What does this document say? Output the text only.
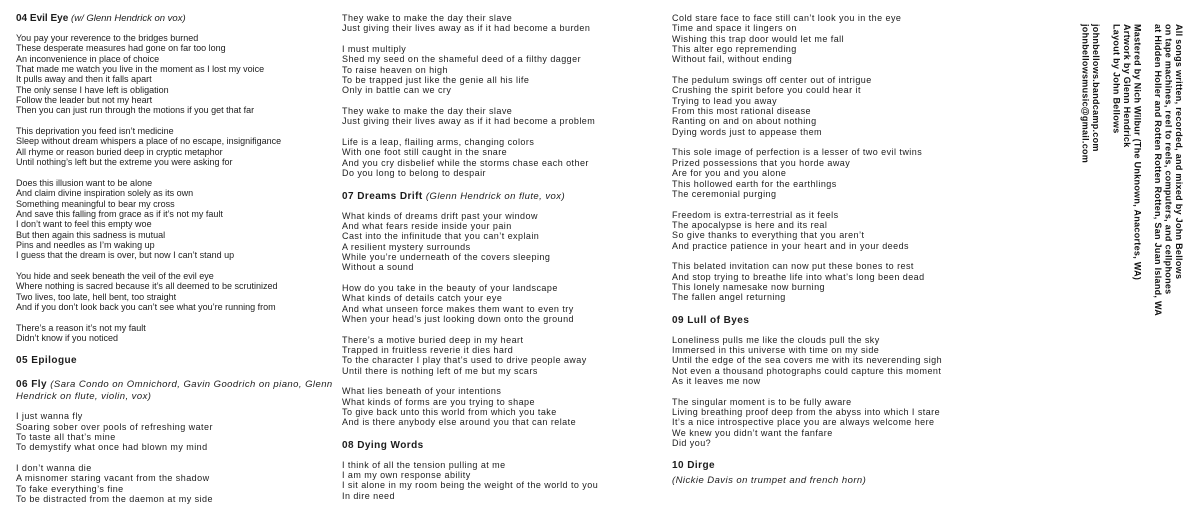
04 Evil Eye (w/ Glenn Hendrick on vox)
You pay your reverence to the bridges burned
These desperate measures had gone on far too long
An inconvenience in place of choice
That made me watch you live in the moment as I lost my voice
It pulls away and then it falls apart
The only sense I have left is obligation
Follow the leader but not my heart
Then you can just run through the motions if you get that far
This deprivation you feed isn’t medicine
Sleep without dream whispers a place of no escape, insignifigance
All rhyme or reason buried deep in cryptic metaphor
Until nothing’s left but the extreme you were asking for
Does this illusion want to be alone
And claim divine inspiration solely as its own
Something meaningful to bear my cross
And save this falling from grace as if it’s not my fault
I don’t want to feel this empty woe
But then again this sadness is mutual
Pins and needles as I’m waking up
I guess that the dream is over, but now I can’t stand up
You hide and seek beneath the veil of the evil eye
Where nothing is sacred because it’s all deemed to be scrutinized
Two lives, too late, hell bent, too straight
And if you don’t look back you can’t see what you’re running from
There’s a reason it’s not my fault
Didn’t know if you noticed
05 Epilogue
06 Fly (Sara Condo on Omnichord, Gavin Goodrich on piano, Glenn Hendrick on flute, violin, vox)
I just wanna fly
Soaring sober over pools of refreshing water
To taste all that’s mine
To demystify what once had blown my mind
I don’t wanna die
A misnomer staring vacant from the shadow
To fake everything’s fine
To be distracted from the daemon at my side
They wake to make the day their slave
Just giving their lives away as if it had become a burden
I must multiply
Shed my seed on the shameful deed of a filthy dagger
To raise heaven on high
To be trapped just like the genie all his life
Only in battle can we cry
They wake to make the day their slave
Just giving their lives away as if it had become a problem
Life is a leap, flailing arms, changing colors
With one foot still caught in the snare
And you cry disbelief while the storms chase each other
Do you long to belong to despair
07 Dreams Drift (Glenn Hendrick on flute, vox)
What kinds of dreams drift past your window
And what fears reside inside your pain
Cast into the infinitude that you can’t explain
A resilient mystery surrounds
While you’re underneath of the covers sleeping
Without a sound
How do you take in the beauty of your landscape
What kinds of details catch your eye
And what unseen force makes them want to even try
When your head’s just looking down onto the ground
There’s a motive buried deep in my heart
Trapped in fruitless reverie it dies hard
To the character I play that’s used to drive people away
Until there is nothing left of me but my scars
What lies beneath of your intentions
What kinds of forms are you trying to shape
To give back unto this world from which you take
And is there anybody else around you that can relate
08 Dying Words
I think of all the tension pulling at me
I am my own response ability
I sit alone in my room being the weight of the world to you
In dire need
Cold stare face to face still can’t look you in the eye
Time and space it lingers on
Wishing this trap door would let me fall
This alter ego repremending
Without fail, without ending
The pedulum swings off center out of intrigue
Crushing the spirit before you could hear it
Trying to lead you away
From this most rational disease
Ranting on and on about nothing
Dying words just to appease them
This sole image of perfection is a lesser of two evil twins
Prized possessions that you horde away
Are for you and you alone
This hollowed earth for the earthlings
The ceremonial purging
Freedom is extra-terrestrial as it feels
The apocalypse is here and its real
So give thanks to everything that you aren’t
And practice patience in your heart and in your deeds
This belated invitation can now put these bones to rest
And stop trying to breathe life into what’s long been dead
This lonely namesake now burning
The fallen angel returning
09 Lull of Byes
Loneliness pulls me like the clouds pull the sky
Immersed in this universe with time on my side
Until the edge of the sea covers me with its neverending sigh
Not even a thousand photographs could capture this moment
As it leaves me now
The singular moment is to be fully aware
Living breathing proof deep from the abyss into which I stare
It’s a nice introspective place you are always welcome here
We knew you didn’t want the fanfare
Did you?
10 Dirge
(Nickie Davis on trumpet and french horn)
All songs written, recorded, and mixed by John Bellows
on tape machines, reel to reels, computers, and cellphones
at Hidden Holler and Rotten Rotten Rotten, San Juan Island, WA
Mastered by Nich Wilbur (The Unknown, Anacortes, WA)
Artwork by Glenn Hendrick
Layout by John Bellows
johnbellows.bandcamp.com
johnbellowsmusic@gmail.com
